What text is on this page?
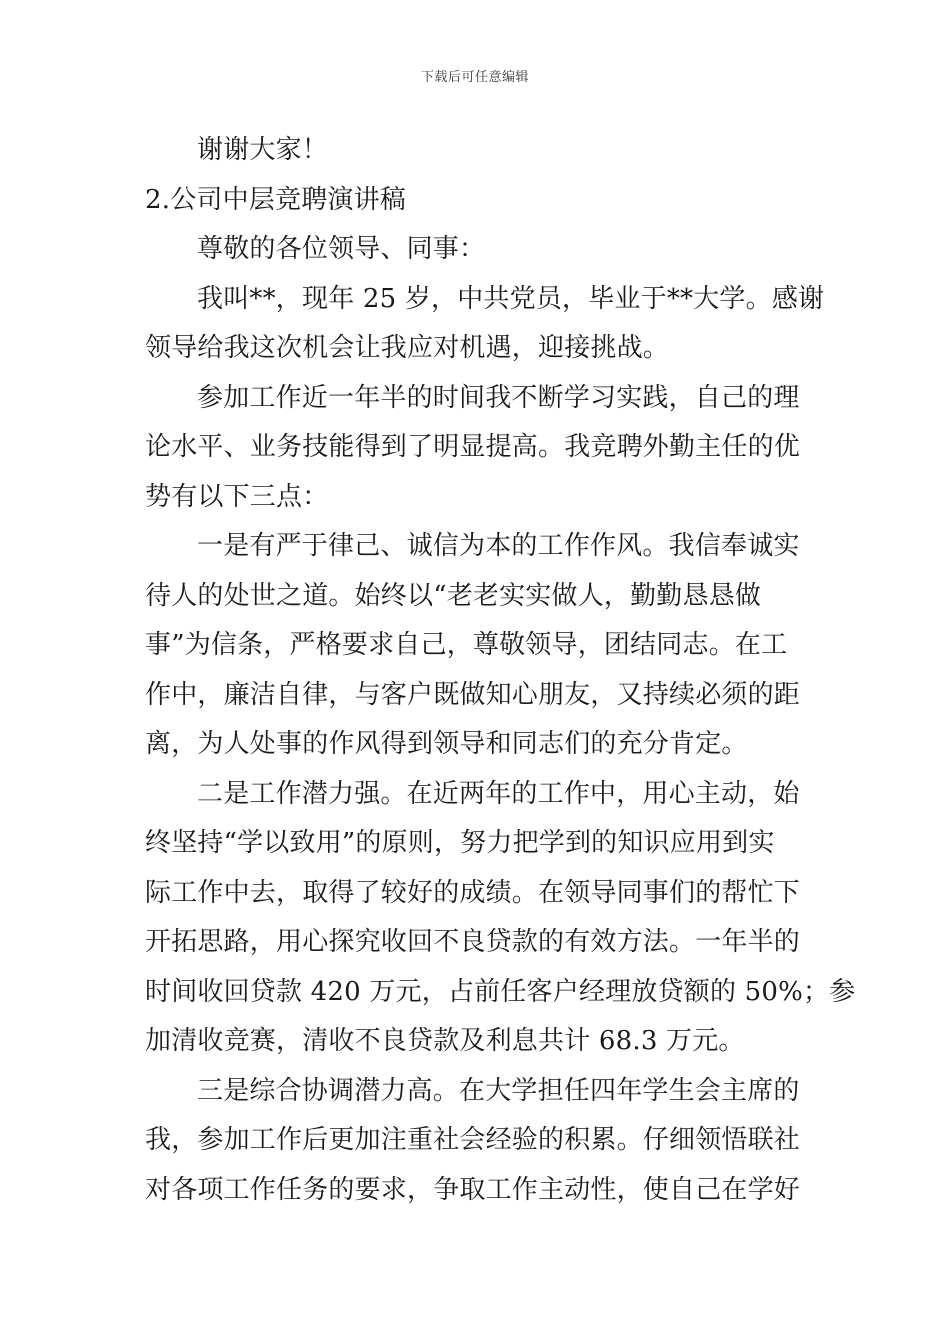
下载后可任意编辑
谢谢大家！
2.公司中层竞聘演讲稿
尊敬的各位领导、同事：
我叫**，现年 25 岁，中共党员，毕业于**大学。感谢
领导给我这次机会让我应对机遇，迎接挑战。
参加工作近一年半的时间我不断学习实践，自己的理
论水平、业务技能得到了明显提高。我竞聘外勤主任的优
势有以下三点：
一是有严于律己、诚信为本的工作作风。我信奉诚实
待人的处世之道。始终以“老老实实做人，勤勤恳恳做
事”为信条，严格要求自己，尊敬领导，团结同志。在工
作中，廉洁自律，与客户既做知心朋友，又持续必须的距
离，为人处事的作风得到领导和同志们的充分肯定。
二是工作潜力强。在近两年的工作中，用心主动，始
终坚持“学以致用”的原则，努力把学到的知识应用到实
际工作中去，取得了较好的成绩。在领导同事们的帮忙下
开拓思路，用心探究收回不良贷款的有效方法。一年半的
时间收回贷款 420 万元，占前任客户经理放贷额的 50%；参
加清收竞赛，清收不良贷款及利息共计 68.3 万元。
三是综合协调潜力高。在大学担任四年学生会主席的
我，参加工作后更加注重社会经验的积累。仔细领悟联社
对各项工作任务的要求，争取工作主动性，使自己在学好
